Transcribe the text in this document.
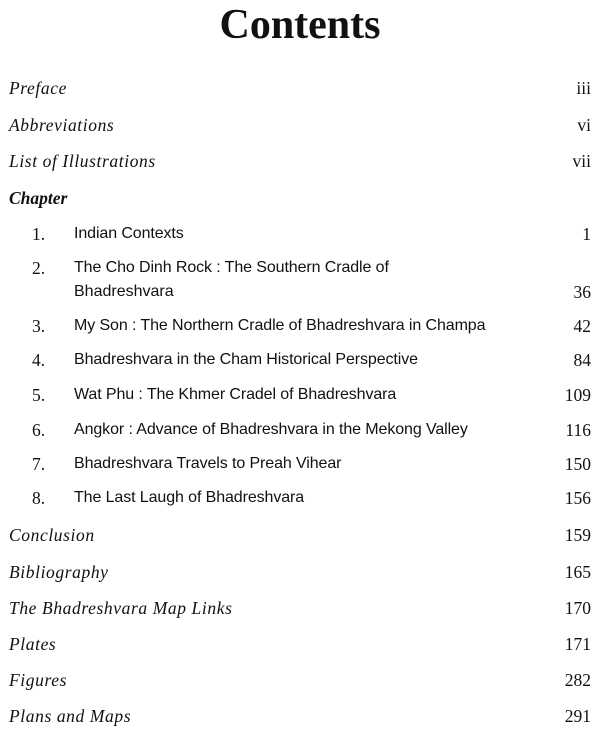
Contents
Preface	iii
Abbreviations	vi
List of Illustrations	vii
Chapter
1. Indian Contexts	1
2. The Cho Dinh Rock : The Southern Cradle of
Bhadreshvara	36
3. My Son : The Northern Cradle of Bhadreshvara in Champa	42
4. Bhadreshvara in the Cham Historical Perspective	84
5. Wat Phu : The Khmer Cradel of Bhadreshvara	109
6. Angkor : Advance of Bhadreshvara in the Mekong Valley	116
7. Bhadreshvara Travels to Preah Vihear	150
8. The Last Laugh of Bhadreshvara	156
Conclusion	159
Bibliography	165
The Bhadreshvara Map Links	170
Plates	171
Figures	282
Plans and Maps	291
